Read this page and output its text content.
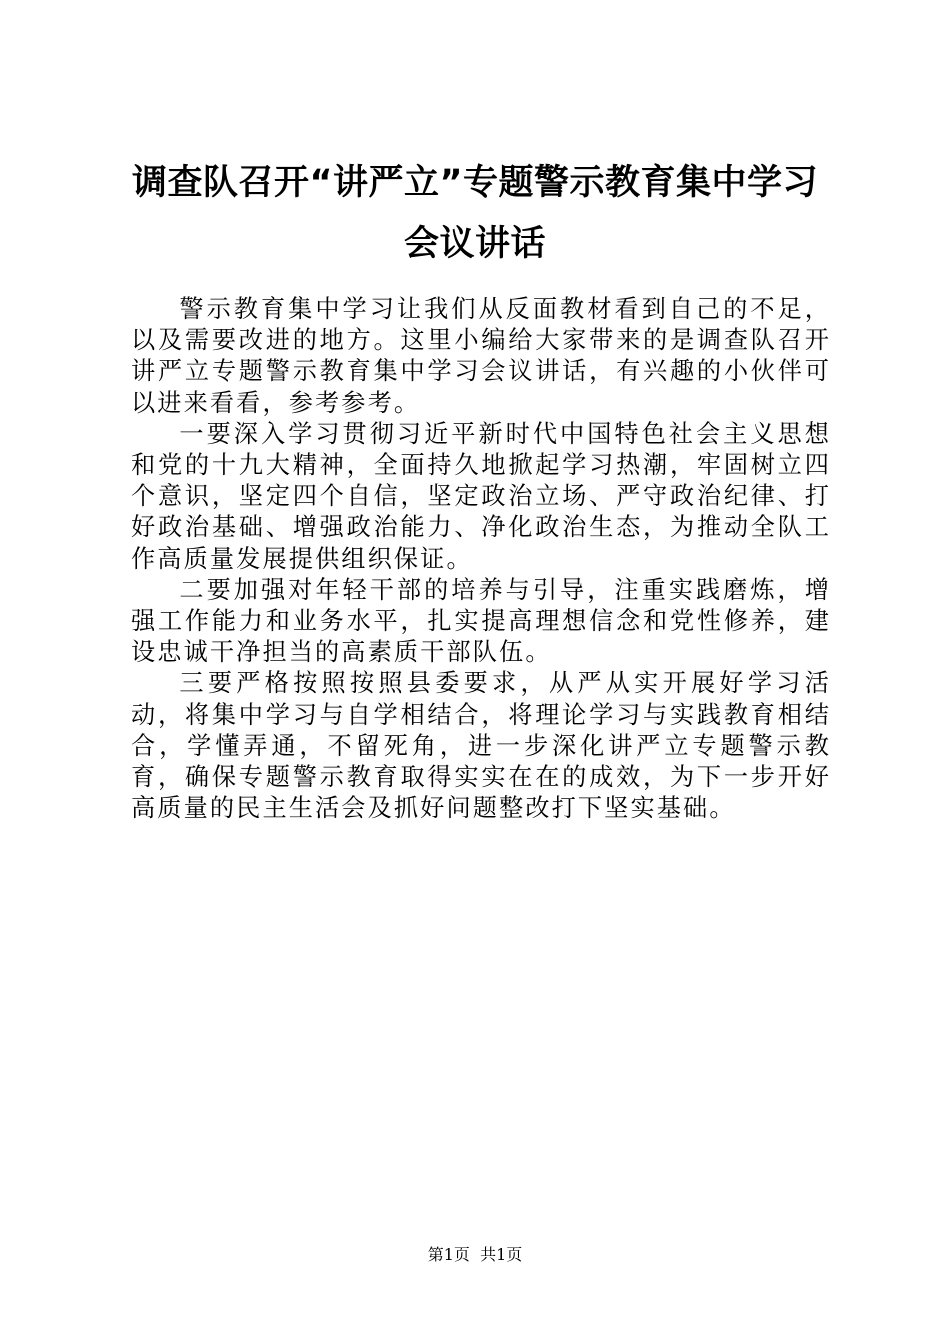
调查队召开“讲严立”专题警示教育集中学习
会议讲话

警示教育集中学习让我们从反面教材看到自己的不足，以及需要改进的地方。这里小编给大家带来的是调查队召开讲严立专题警示教育集中学习会议讲话，有兴趣的小伙伴可以进来看看，参考参考。

一要深入学习贯彻习近平新时代中国特色社会主义思想和党的十九大精神，全面持久地掀起学习热潮，牢固树立四个意识，坚定四个自信，坚定政治立场、严守政治纪律、打好政治基础、增强政治能力、净化政治生态，为推动全队工作高质量发展提供组织保证。

二要加强对年轻干部的培养与引导，注重实践磨炼，增强工作能力和业务水平，扎实提高理想信念和党性修养，建设忠诚干净担当的高素质干部队伍。

三要严格按照按照县委要求，从严从实开展好学习活动，将集中学习与自学相结合，将理论学习与实践教育相结合，学懂弄通，不留死角，进一步深化讲严立专题警示教育，确保专题警示教育取得实实在在的成效，为下一步开好高质量的民主生活会及抓好问题整改打下坚实基础。

第1页  共1页
